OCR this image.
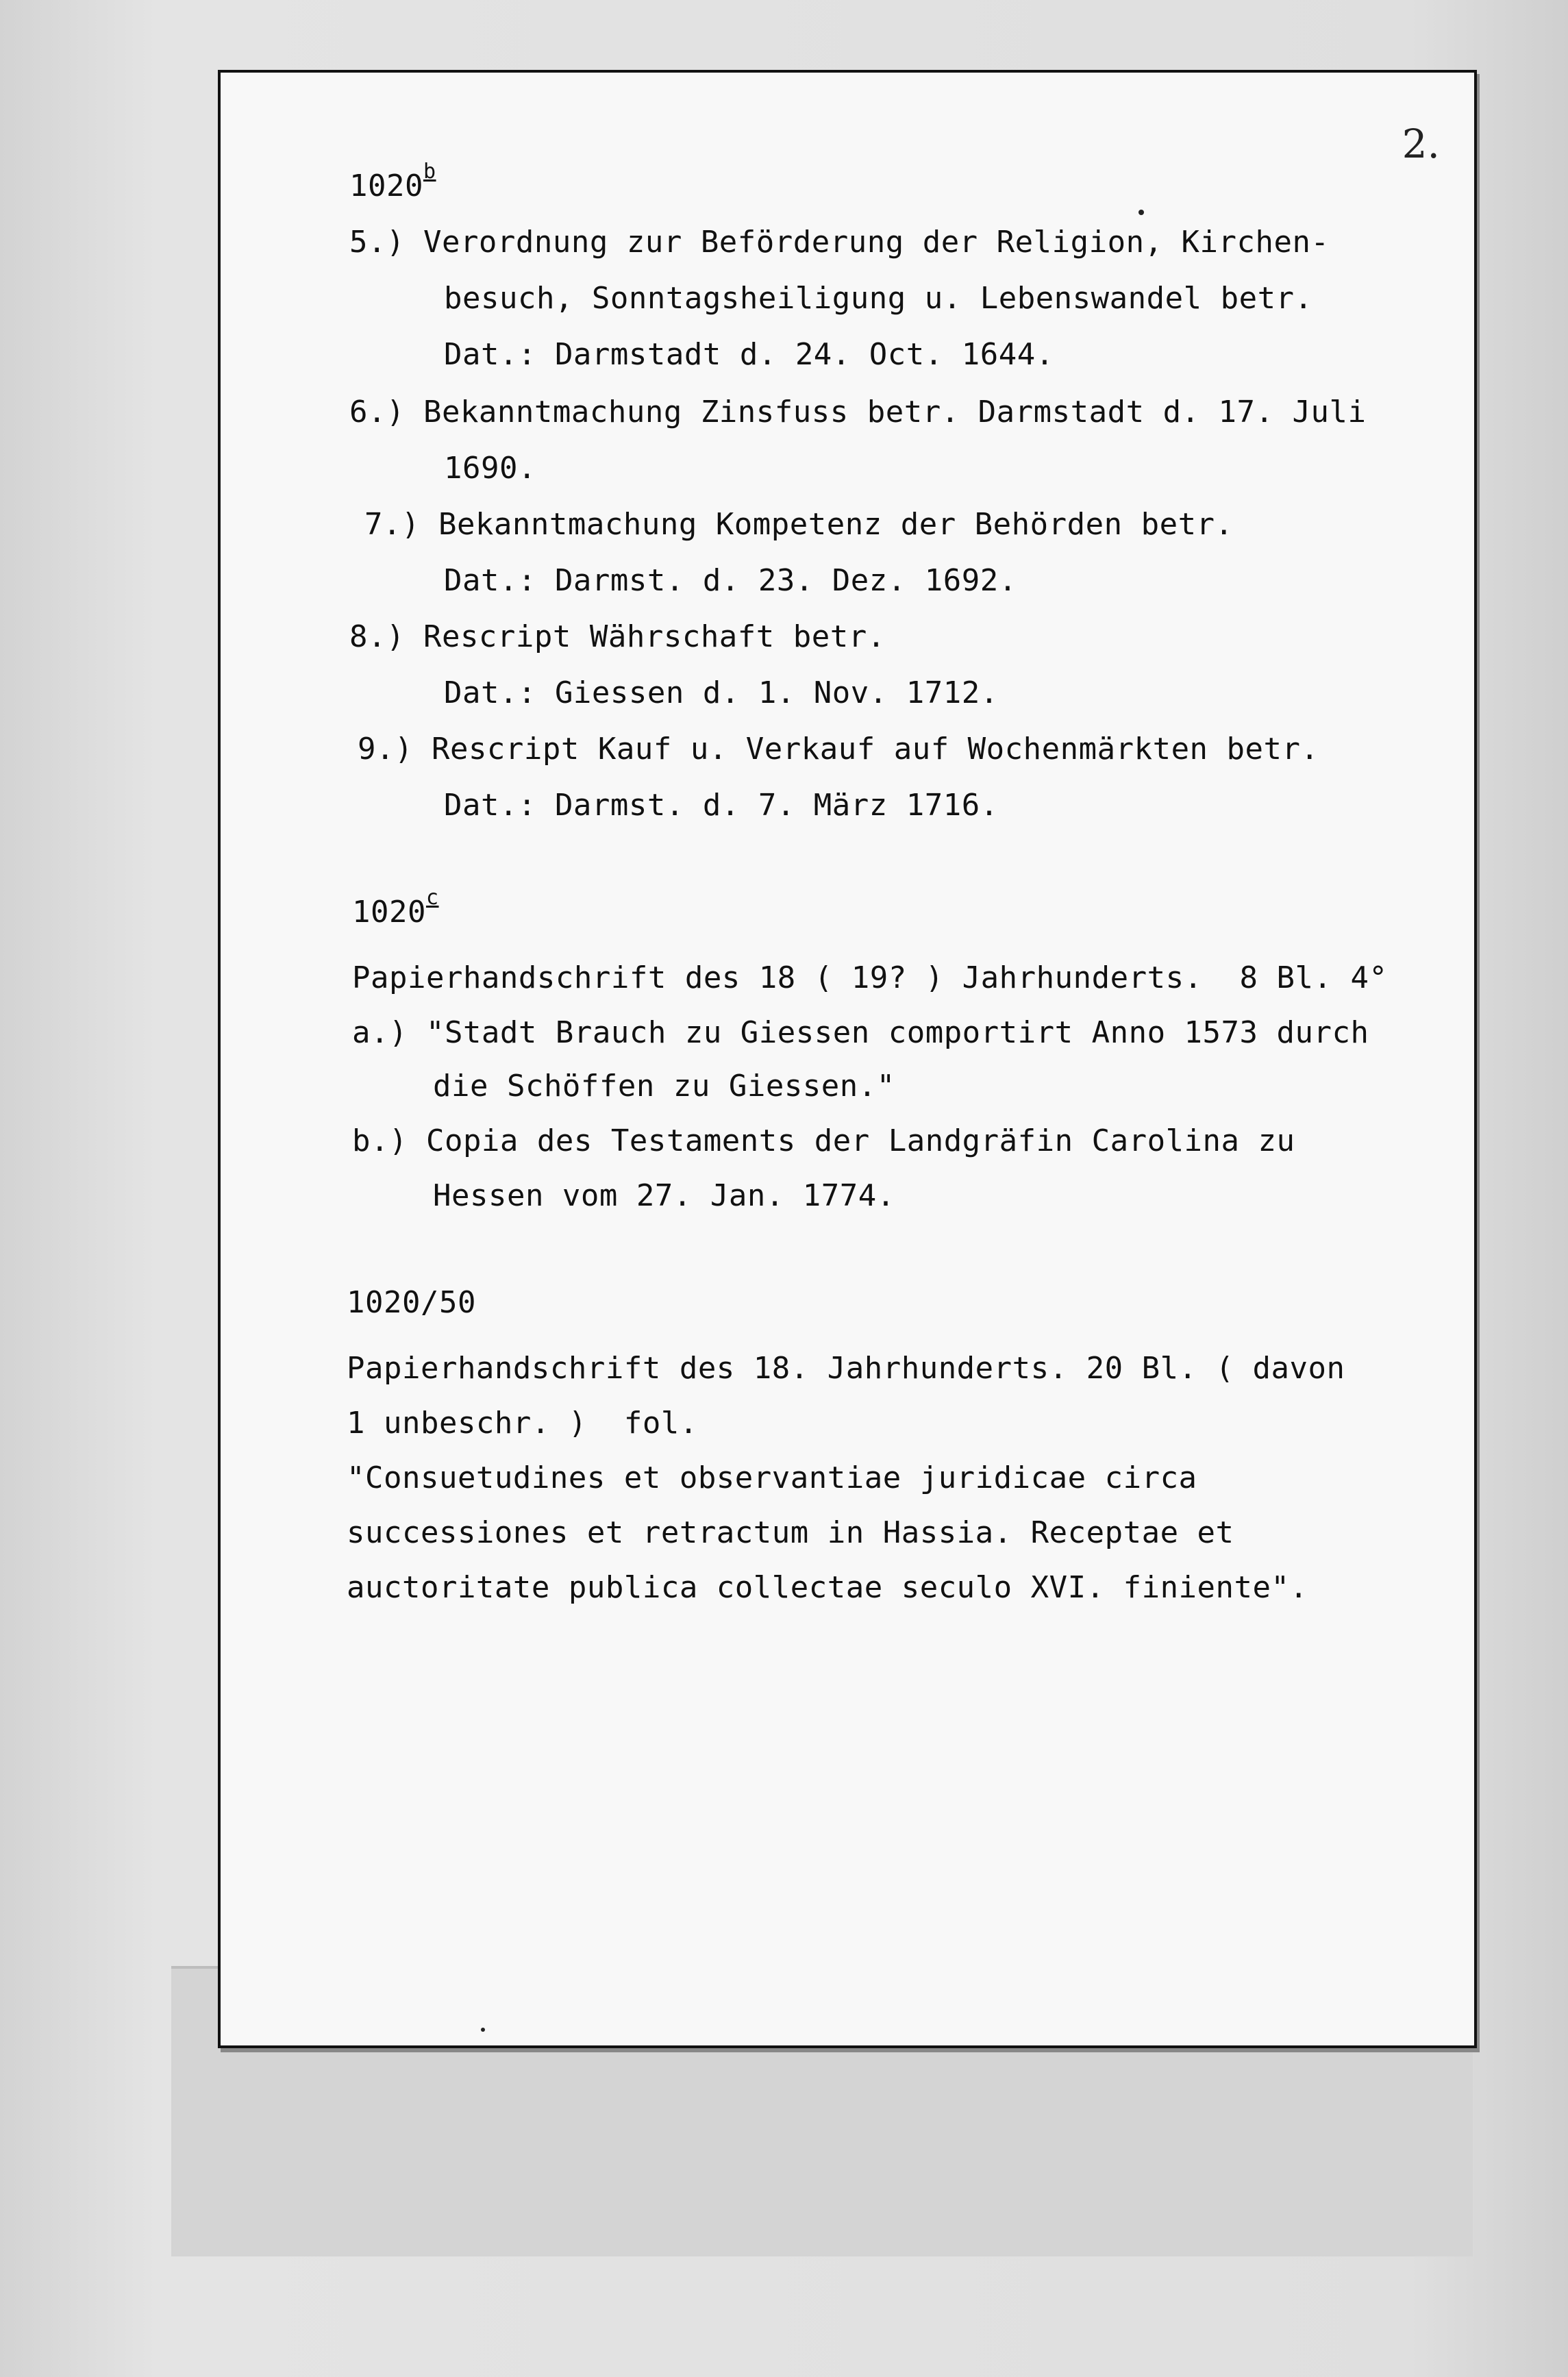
2.
1020$^b$
5.) Verordnung zur Beförderung der Religion, Kirchen-
besuch, Sonntagsheiligung u. Lebenswandel betr.
Dat.: Darmstadt d. 24. Oct. 1644.
6.) Bekanntmachung Zinsfuss betr. Darmstadt d. 17. Juli
1690.
7.) Bekanntmachung Kompetenz der Behörden betr.
Dat.: Darmst. d. 23. Dez. 1692.
8.) Rescript Währschaft betr.
Dat.: Giessen d. 1. Nov. 1712.
9.) Rescript Kauf u. Verkauf auf Wochenmärkten betr.
Dat.: Darmst. d. 7. März 1716.
1020$^c$
Papierhandschrift des 18 ( 19? ) Jahrhunderts.  8 Bl. 4°
a.) "Stadt Brauch zu Giessen comportirt Anno 1573 durch
die Schöffen zu Giessen."
b.) Copia des Testaments der Landgräfin Carolina zu
Hessen vom 27. Jan. 1774.
1020/50
Papierhandschrift des 18. Jahrhunderts. 20 Bl. ( davon
1 unbeschr. )  fol.
"Consuetudines et observantiae juridicae circa
successiones et retractum in Hassia. Receptae et
auctoritate publica collectae seculo XVI. finiente".
